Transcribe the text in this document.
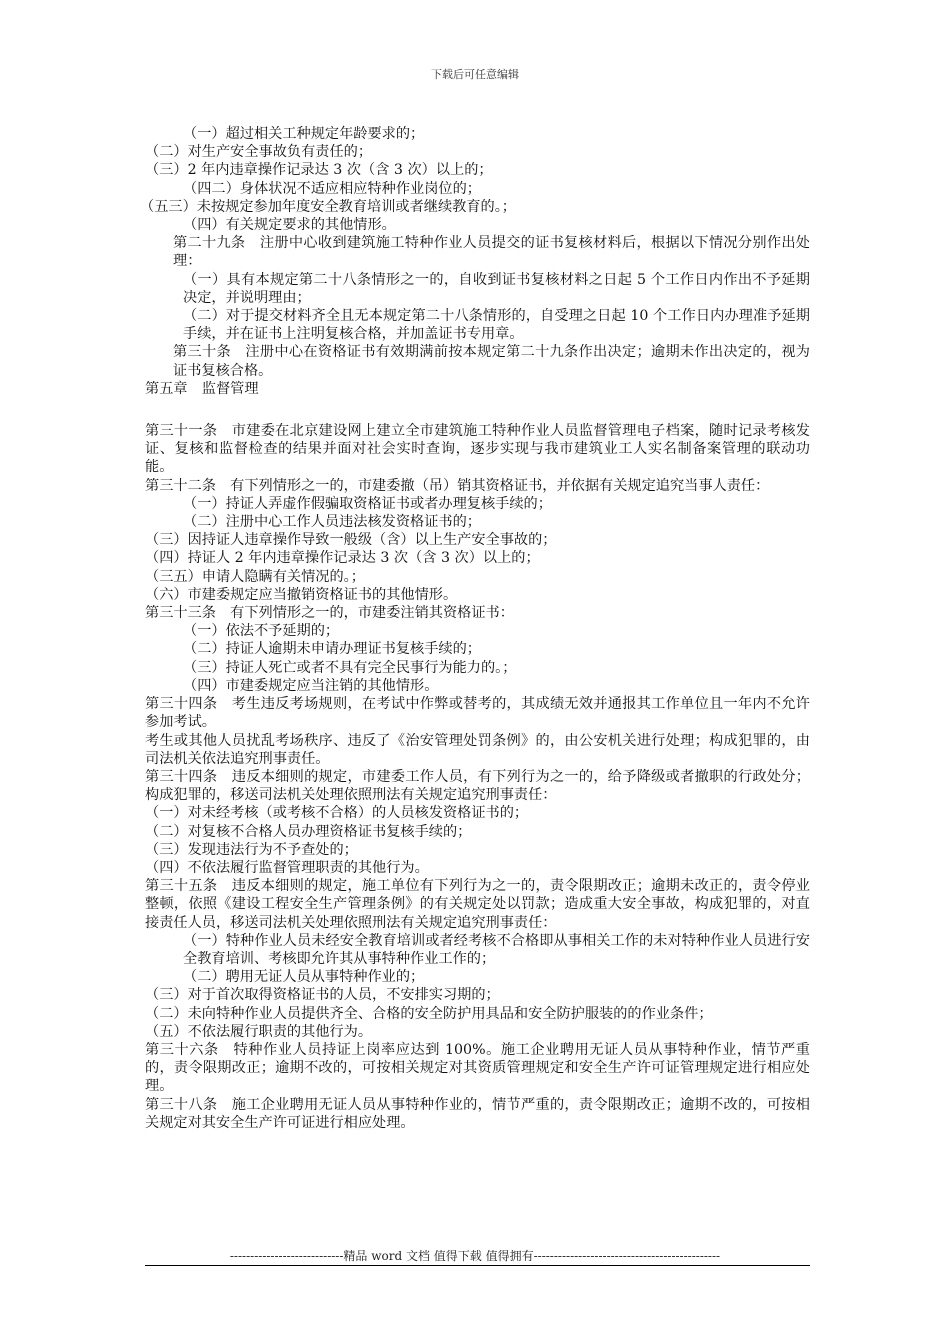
下载后可任意编辑

（一）超过相关工种规定年龄要求的；

（二）对生产安全事故负有责任的；

（三）2 年内违章操作记录达 3 次（含 3 次）以上的；

（四二）身体状况不适应相应特种作业岗位的；

（五三）未按规定参加年度安全教育培训或者继续教育的。；

（四）有关规定要求的其他情形。

第二十九条　注册中心收到建筑施工特种作业人员提交的证书复核材料后，根据以下情况分别作出处理：

（一）具有本规定第二十八条情形之一的，自收到证书复核材料之日起 5 个工作日内作出不予延期决定，并说明理由；

（二）对于提交材料齐全且无本规定第二十八条情形的，自受理之日起 10 个工作日内办理准予延期手续，并在证书上注明复核合格，并加盖证书专用章。

第三十条　注册中心在资格证书有效期满前按本规定第二十九条作出决定；逾期未作出决定的，视为证书复核合格。

第五章　监督管理

第三十一条　市建委在北京建设网上建立全市建筑施工特种作业人员监督管理电子档案，随时记录考核发证、复核和监督检查的结果并面对社会实时查询，逐步实现与我市建筑业工人实名制备案管理的联动功能。

第三十二条　有下列情形之一的，市建委撤（吊）销其资格证书，并依据有关规定追究当事人责任：

（一）持证人弄虚作假骗取资格证书或者办理复核手续的；

（二）注册中心工作人员违法核发资格证书的；

（三）因持证人违章操作导致一般级（含）以上生产安全事故的；

（四）持证人 2 年内违章操作记录达 3 次（含 3 次）以上的；

（三五）申请人隐瞒有关情况的。；

（六）市建委规定应当撤销资格证书的其他情形。

第三十三条　有下列情形之一的，市建委注销其资格证书：

（一）依法不予延期的；

（二）持证人逾期未申请办理证书复核手续的；

（三）持证人死亡或者不具有完全民事行为能力的。；

（四）市建委规定应当注销的其他情形。

第三十四条　考生违反考场规则，在考试中作弊或替考的，其成绩无效并通报其工作单位且一年内不允许参加考试。

考生或其他人员扰乱考场秩序、违反了《治安管理处罚条例》的，由公安机关进行处理；构成犯罪的，由司法机关依法追究刑事责任。

第三十四条　违反本细则的规定，市建委工作人员，有下列行为之一的，给予降级或者撤职的行政处分；构成犯罪的，移送司法机关处理依照刑法有关规定追究刑事责任：

（一）对未经考核（或考核不合格）的人员核发资格证书的；

（二）对复核不合格人员办理资格证书复核手续的；

（三）发现违法行为不予查处的；

（四）不依法履行监督管理职责的其他行为。

第三十五条　违反本细则的规定，施工单位有下列行为之一的，责令限期改正；逾期未改正的，责令停业整顿，依照《建设工程安全生产管理条例》的有关规定处以罚款；造成重大安全事故，构成犯罪的，对直接责任人员，移送司法机关处理依照刑法有关规定追究刑事责任：

（一）特种作业人员未经安全教育培训或者经考核不合格即从事相关工作的未对特种作业人员进行安全教育培训、考核即允许其从事特种作业工作的；

（二）聘用无证人员从事特种作业的；

（三）对于首次取得资格证书的人员，不安排实习期的；

（二）未向特种作业人员提供齐全、合格的安全防护用具品和安全防护服装的的作业条件；

（五）不依法履行职责的其他行为。

第三十六条　特种作业人员持证上岗率应达到 100%。施工企业聘用无证人员从事特种作业，情节严重的，责令限期改正；逾期不改的，可按相关规定对其资质管理规定和安全生产许可证管理规定进行相应处理。

第三十八条　施工企业聘用无证人员从事特种作业的，情节严重的，责令限期改正；逾期不改的，可按相关规定对其安全生产许可证进行相应处理。

----------------------------精品 word 文档 值得下载 值得拥有----------------------------------------------
